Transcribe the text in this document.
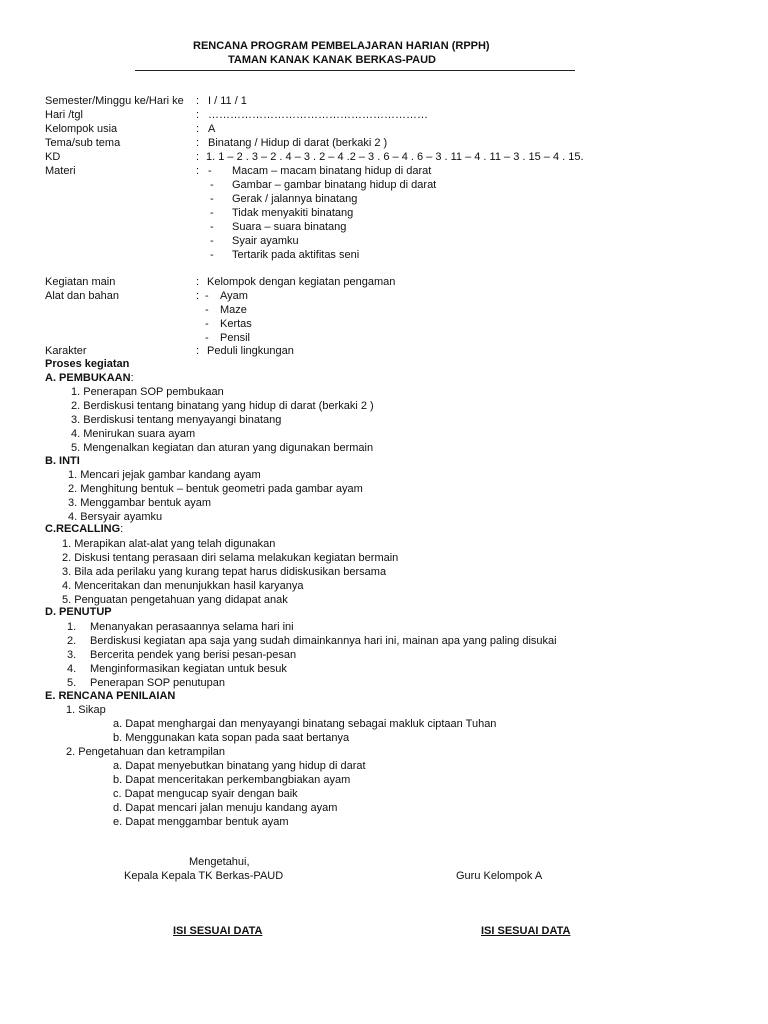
RENCANA PROGRAM PEMBELAJARAN HARIAN (RPPH)
TAMAN KANAK KANAK BERKAS-PAUD
Semester/Minggu ke/Hari ke : I / 11 / 1
Hari /tgl	: ……………………………………………………
Kelompok usia	: A
Tema/sub tema	: Binatang / Hidup di darat (berkaki 2 )
KD	: 1. 1 – 2 . 3 – 2 . 4 – 3 . 2 – 4 .2 – 3 . 6 – 4 . 6 – 3 . 11 – 4 . 11 – 3 . 15 – 4 . 15.
Materi	: - Macam – macam binatang hidup di darat
- Gambar – gambar binatang hidup di darat
- Gerak / jalannya binatang
- Tidak menyakiti binatang
- Suara – suara binatang
- Syair ayamku
- Tertarik pada aktifitas seni
Kegiatan main	: Kelompok dengan kegiatan pengaman
Alat dan bahan	: - Ayam
- Maze
- Kertas
- Pensil
Karakter	: Peduli lingkungan
Proses kegiatan
A. PEMBUKAAN:
1. Penerapan SOP pembukaan
2. Berdiskusi tentang binatang yang hidup di darat (berkaki 2 )
3. Berdiskusi tentang menyayangi binatang
4. Menirukan suara ayam
5. Mengenalkan kegiatan dan aturan yang digunakan bermain
B. INTI
1. Mencari jejak gambar kandang ayam
2. Menghitung bentuk – bentuk geometri pada gambar ayam
3. Menggambar bentuk ayam
4. Bersyair ayamku
C.RECALLING:
1. Merapikan alat-alat yang telah digunakan
2. Diskusi tentang perasaan diri selama melakukan kegiatan bermain
3. Bila ada perilaku yang kurang tepat harus didiskusikan bersama
4. Menceritakan dan menunjukkan hasil karyanya
5. Penguatan pengetahuan yang didapat anak
D. PENUTUP
1. Menanyakan perasaannya selama hari ini
2. Berdiskusi kegiatan apa saja yang sudah dimainkannya hari ini, mainan apa yang paling disukai
3. Bercerita pendek yang berisi pesan-pesan
4. Menginformasikan kegiatan untuk besuk
5. Penerapan SOP penutupan
E. RENCANA PENILAIAN
1. Sikap
a. Dapat menghargai dan menyayangi binatang sebagai makluk ciptaan Tuhan
b. Menggunakan kata sopan pada saat bertanya
2. Pengetahuan dan ketrampilan
a. Dapat menyebutkan binatang yang hidup di darat
b. Dapat menceritakan perkembangbiakan ayam
c. Dapat mengucap syair dengan baik
d. Dapat mencari jalan menuju kandang ayam
e. Dapat menggambar bentuk ayam
Mengetahui,
Kepala Kepala TK Berkas-PAUD	Guru Kelompok A
ISI SESUAI DATA	ISI SESUAI DATA
